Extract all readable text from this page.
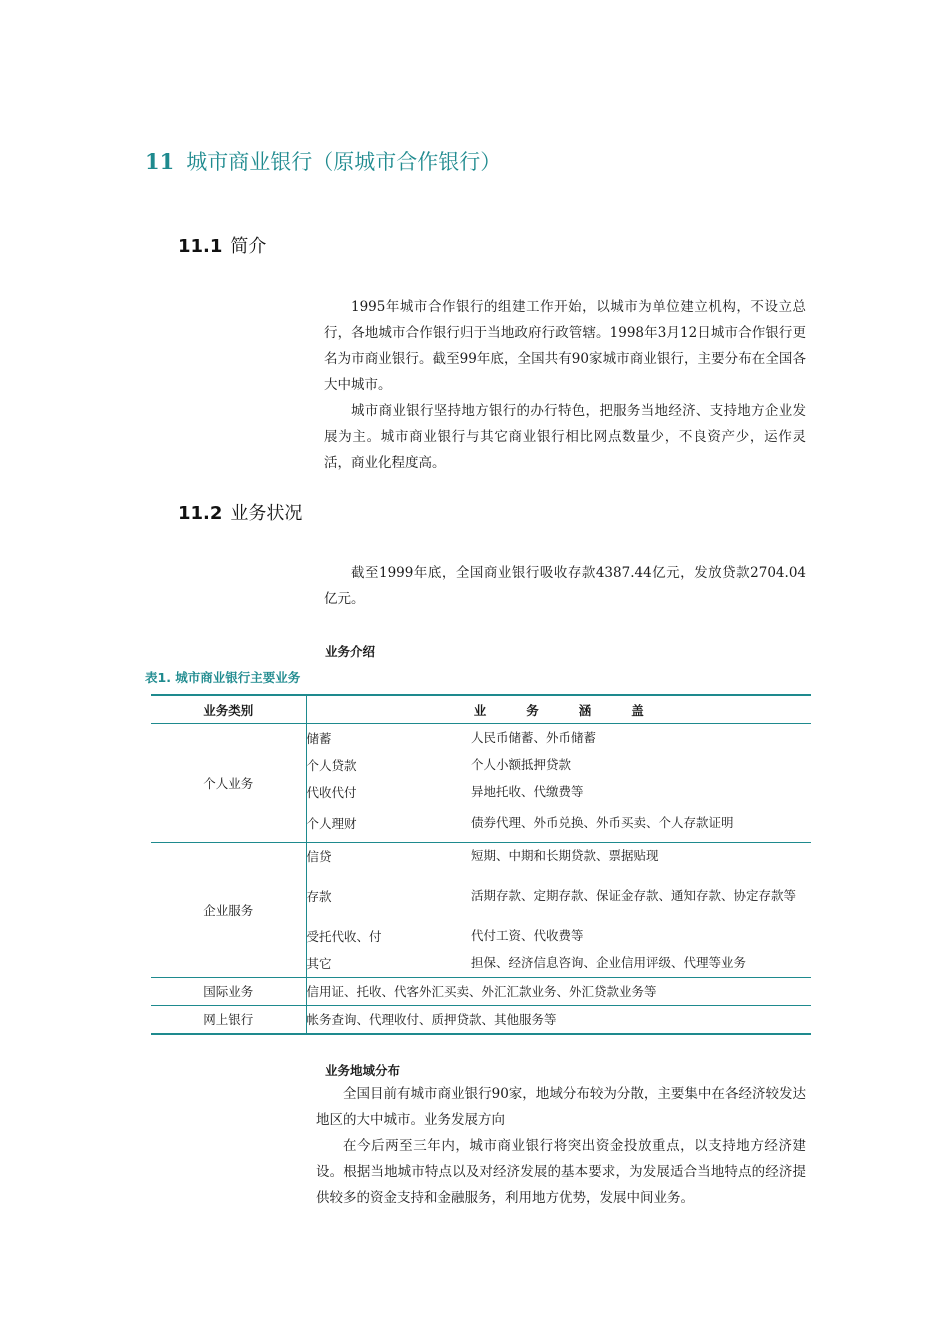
11 城市商业银行（原城市合作银行）
11.1 简介

1995年城市合作银行的组建工作开始，以城市为单位建立机构，不设立总行，各地城市合作银行归于当地政府行政管辖。1998年3月12日城市合作银行更名为市商业银行。截至99年底，全国共有90家城市商业银行，主要分布在全国各大中城市。

城市商业银行坚持地方银行的办行特色，把服务当地经济、支持地方企业发展为主。城市商业银行与其它商业银行相比网点数量少，不良资产少，运作灵活，商业化程度高。

11.2 业务状况

截至1999年底，全国商业银行吸收存款4387.44亿元，发放贷款2704.04亿元。

业务介绍
表1. 城市商业银行主要业务
业务类别	业 务 涵 盖	
个人业务	储蓄	人民币储蓄、外币储蓄
	个人贷款	个人小额抵押贷款
	代收代付	异地托收、代缴费等
	个人理财	债券代理、外币兑换、外币买卖、个人存款证明
企业服务	信贷	短期、中期和长期贷款、票据贴现
	存款	活期存款、定期存款、保证金存款、通知存款、协定存款等
	受托代收、付	代付工资、代收费等
	其它	担保、经济信息咨询、企业信用评级、代理等业务
国际业务	信用证、托收、代客外汇买卖、外汇汇款业务、外汇贷款业务等	
网上银行	帐务查询、代理收付、质押贷款、其他服务等	
业务地域分布

全国目前有城市商业银行90家，地域分布较为分散，主要集中在各经济较发达地区的大中城市。业务发展方向

在今后两至三年内，城市商业银行将突出资金投放重点，以支持地方经济建设。根据当地城市特点以及对经济发展的基本要求，为发展适合当地特点的经济提供较多的资金支持和金融服务，利用地方优势，发展中间业务。
